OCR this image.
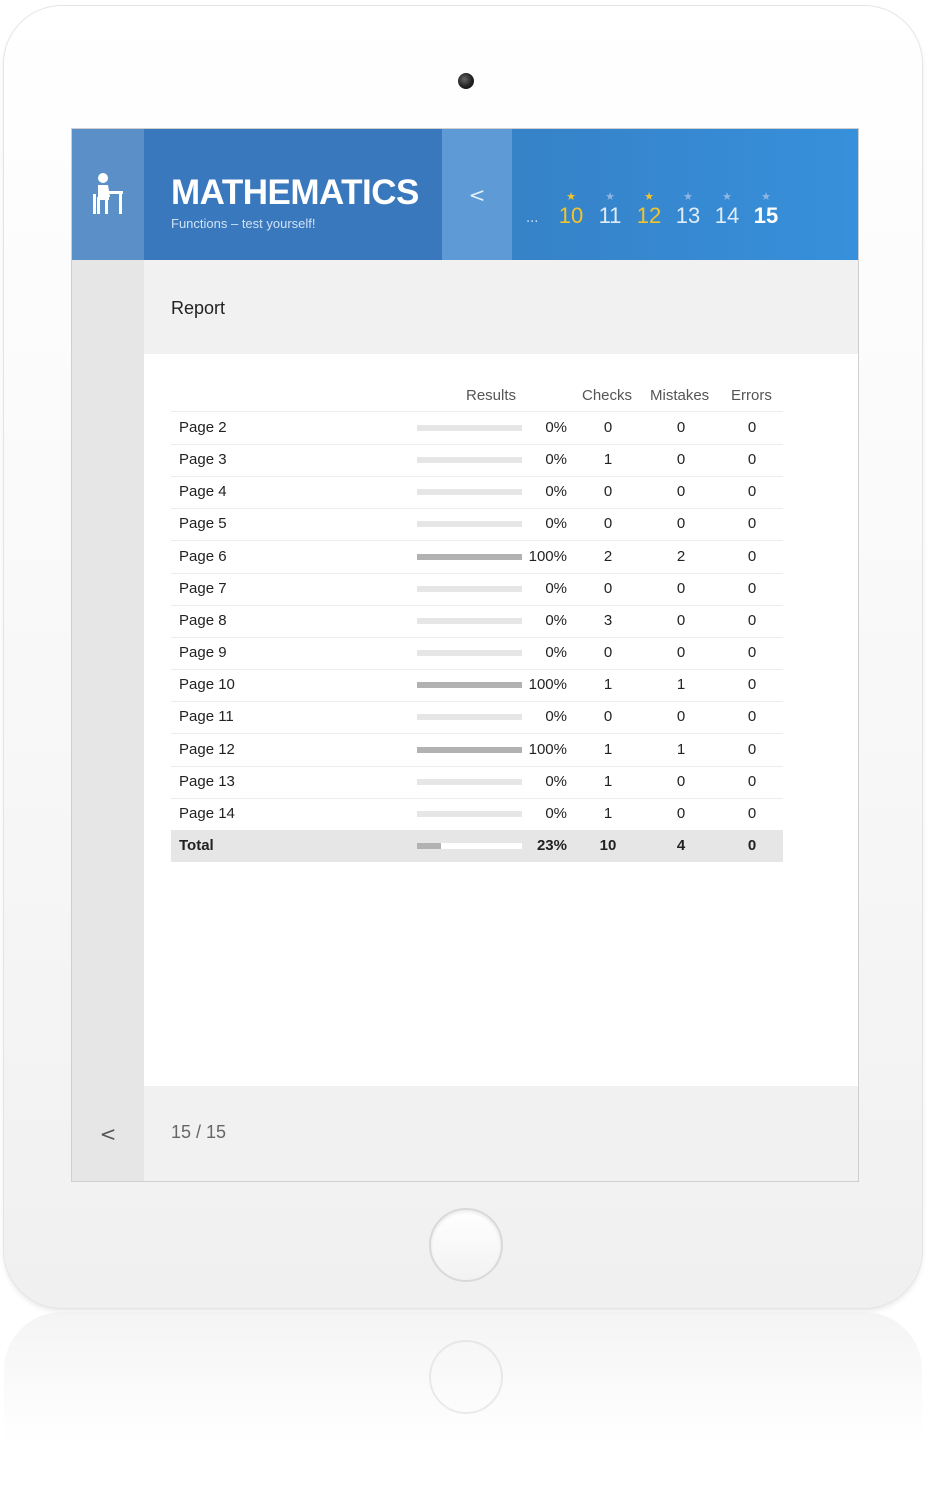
MATHEMATICS
Functions – test yourself!
<
...
★
10
★
11
★
12
★
13
★
14
★
15
Report
Results	Checks Mistakes Errors
Page 2	0%	0	0	0
Page 3	0%	1	0	0
Page 4	0%	0	0	0
Page 5	0%	0	0	0
Page 6	100%	2	2	0
Page 7	0%	0	0	0
Page 8	0%	3	0	0
Page 9	0%	0	0	0
Page 10	100%	1	1	0
Page 11	0%	0	0	0
Page 12	100%	1	1	0
Page 13	0%	1	0	0
Page 14	0%	1	0	0
Total	23%	10	4	0
<	15 / 15
